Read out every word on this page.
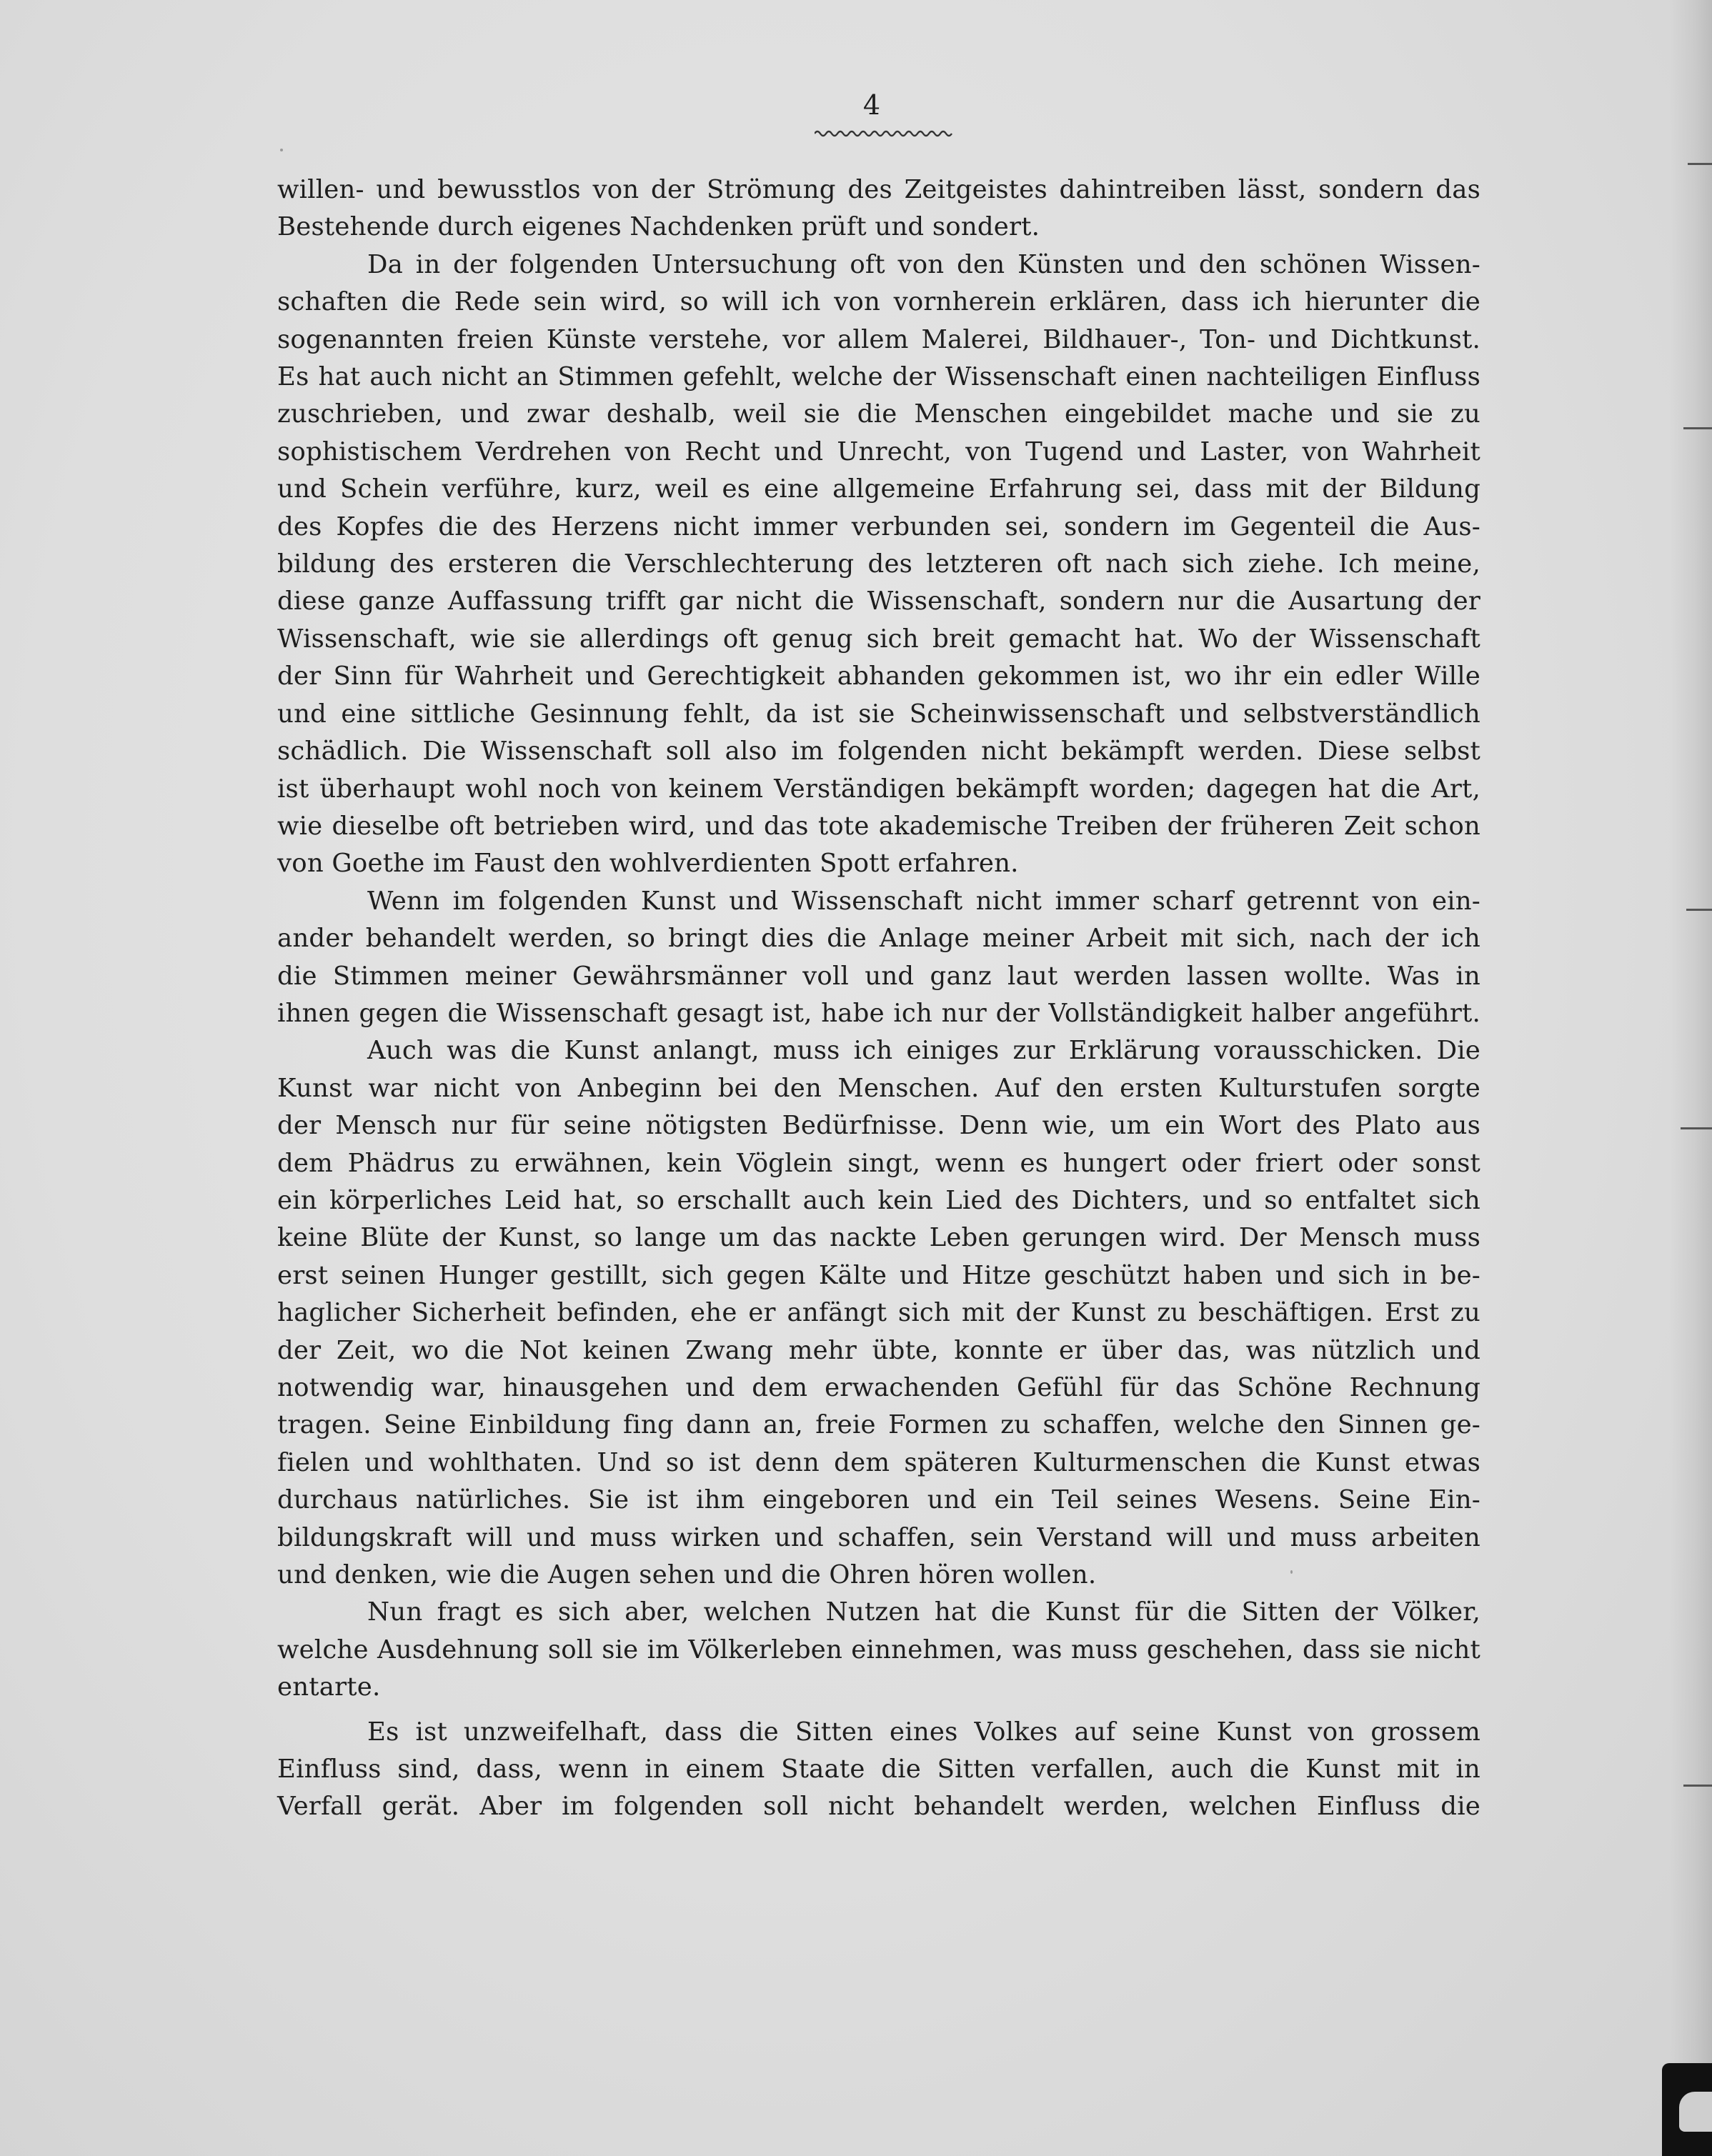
4

willen- und bewusstlos von der Strömung des Zeitgeistes dahintreiben lässt, sondern das

Bestehende durch eigenes Nachdenken prüft und sondert.

Da in der folgenden Untersuchung oft von den Künsten und den schönen Wissen-

schaften die Rede sein wird, so will ich von vornherein erklären, dass ich hierunter die

sogenannten freien Künste verstehe, vor allem Malerei, Bildhauer-, Ton- und Dichtkunst.

Es hat auch nicht an Stimmen gefehlt, welche der Wissenschaft einen nachteiligen Einfluss

zuschrieben, und zwar deshalb, weil sie die Menschen eingebildet mache und sie zu

sophistischem Verdrehen von Recht und Unrecht, von Tugend und Laster, von Wahrheit

und Schein verführe, kurz, weil es eine allgemeine Erfahrung sei, dass mit der Bildung

des Kopfes die des Herzens nicht immer verbunden sei, sondern im Gegenteil die Aus-

bildung des ersteren die Verschlechterung des letzteren oft nach sich ziehe. Ich meine,

diese ganze Auffassung trifft gar nicht die Wissenschaft, sondern nur die Ausartung der

Wissenschaft, wie sie allerdings oft genug sich breit gemacht hat. Wo der Wissenschaft

der Sinn für Wahrheit und Gerechtigkeit abhanden gekommen ist, wo ihr ein edler Wille

und eine sittliche Gesinnung fehlt, da ist sie Scheinwissenschaft und selbstverständlich

schädlich. Die Wissenschaft soll also im folgenden nicht bekämpft werden. Diese selbst

ist überhaupt wohl noch von keinem Verständigen bekämpft worden; dagegen hat die Art,

wie dieselbe oft betrieben wird, und das tote akademische Treiben der früheren Zeit schon

von Goethe im Faust den wohlverdienten Spott erfahren.

Wenn im folgenden Kunst und Wissenschaft nicht immer scharf getrennt von ein-

ander behandelt werden, so bringt dies die Anlage meiner Arbeit mit sich, nach der ich

die Stimmen meiner Gewährsmänner voll und ganz laut werden lassen wollte. Was in

ihnen gegen die Wissenschaft gesagt ist, habe ich nur der Vollständigkeit halber angeführt.

Auch was die Kunst anlangt, muss ich einiges zur Erklärung vorausschicken. Die

Kunst war nicht von Anbeginn bei den Menschen. Auf den ersten Kulturstufen sorgte

der Mensch nur für seine nötigsten Bedürfnisse. Denn wie, um ein Wort des Plato aus

dem Phädrus zu erwähnen, kein Vöglein singt, wenn es hungert oder friert oder sonst

ein körperliches Leid hat, so erschallt auch kein Lied des Dichters, und so entfaltet sich

keine Blüte der Kunst, so lange um das nackte Leben gerungen wird. Der Mensch muss

erst seinen Hunger gestillt, sich gegen Kälte und Hitze geschützt haben und sich in be-

haglicher Sicherheit befinden, ehe er anfängt sich mit der Kunst zu beschäftigen. Erst zu

der Zeit, wo die Not keinen Zwang mehr übte, konnte er über das, was nützlich und

notwendig war, hinausgehen und dem erwachenden Gefühl für das Schöne Rechnung

tragen. Seine Einbildung fing dann an, freie Formen zu schaffen, welche den Sinnen ge-

fielen und wohlthaten. Und so ist denn dem späteren Kulturmenschen die Kunst etwas

durchaus natürliches. Sie ist ihm eingeboren und ein Teil seines Wesens. Seine Ein-

bildungskraft will und muss wirken und schaffen, sein Verstand will und muss arbeiten

und denken, wie die Augen sehen und die Ohren hören wollen.

Nun fragt es sich aber, welchen Nutzen hat die Kunst für die Sitten der Völker,

welche Ausdehnung soll sie im Völkerleben einnehmen, was muss geschehen, dass sie nicht

entarte.

Es ist unzweifelhaft, dass die Sitten eines Volkes auf seine Kunst von grossem

Einfluss sind, dass, wenn in einem Staate die Sitten verfallen, auch die Kunst mit in

Verfall gerät. Aber im folgenden soll nicht behandelt werden, welchen Einfluss die
